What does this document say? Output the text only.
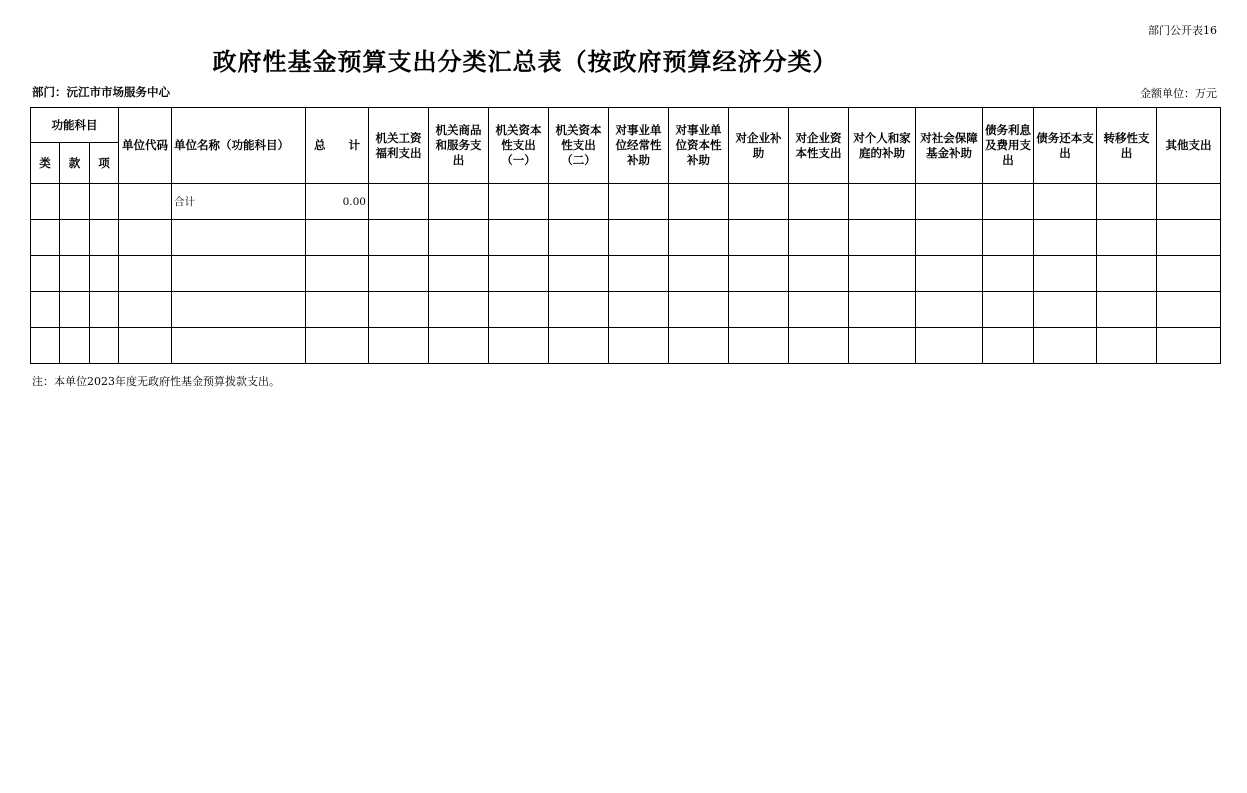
部门公开表16
政府性基金预算支出分类汇总表（按政府预算经济分类）
部门：沅江市市场服务中心	金额单位：万元
功能科目			单位代码	单位名称（功能科目）	总　　计	机关工资福利支出	机关商品和服务支出	机关资本性支出（一）	机关资本性支出（二）	对事业单位经常性补助	对事业单位资本性补助	对企业补助	对企业资本性支出	对个人和家庭的补助	对社会保障基金补助	债务利息及费用支出	债务还本支出	转移性支出	其他支出
类	款	项																	
				合计	0.00														

注：本单位2023年度无政府性基金预算拨款支出。
